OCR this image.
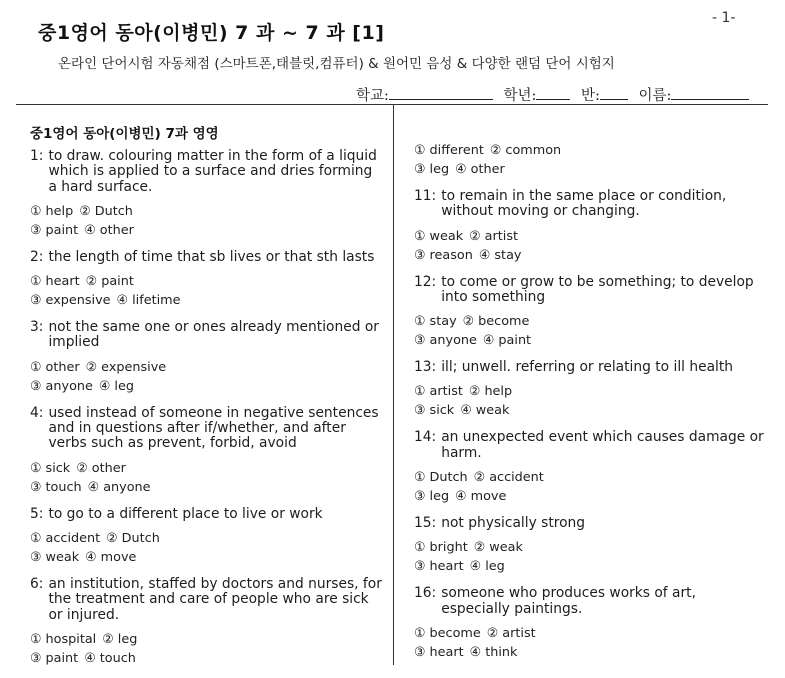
- 1-
중1영어 동아(이병민) 7 과 ~ 7 과 [1]
온라인 단어시험 자동채점 (스마트폰,태블릿,컴퓨터) & 원어민 음성 & 다양한 랜덤 단어 시험지
학교:	학년:	반:	이름:
중1영어 동아(이병민) 7과 영영
1: to draw. colouring matter in the form of a liquid which is applied to a surface and dries forming a hard surface.
① help ② Dutch
③ paint ④ other
2: the length of time that sb lives or that sth lasts
① heart ② paint
③ expensive ④ lifetime
3: not the same one or ones already mentioned or implied
① other ② expensive
③ anyone ④ leg
4: used instead of someone in negative sentences and in questions after if/whether, and after verbs such as prevent, forbid, avoid
① sick ② other
③ touch ④ anyone
5: to go to a different place to live or work
① accident ② Dutch
③ weak ④ move
6: an institution, staffed by doctors and nurses, for the treatment and care of people who are sick or injured.
① hospital ② leg
③ paint ④ touch
① different ② common
③ leg ④ other
11: to remain in the same place or condition, without moving or changing.
① weak ② artist
③ reason ④ stay
12: to come or grow to be something; to develop into something
① stay ② become
③ anyone ④ paint
13: ill; unwell. referring or relating to ill health
① artist ② help
③ sick ④ weak
14: an unexpected event which causes damage or harm.
① Dutch ② accident
③ leg ④ move
15: not physically strong
① bright ② weak
③ heart ④ leg
16: someone who produces works of art, especially paintings.
① become ② artist
③ heart ④ think
